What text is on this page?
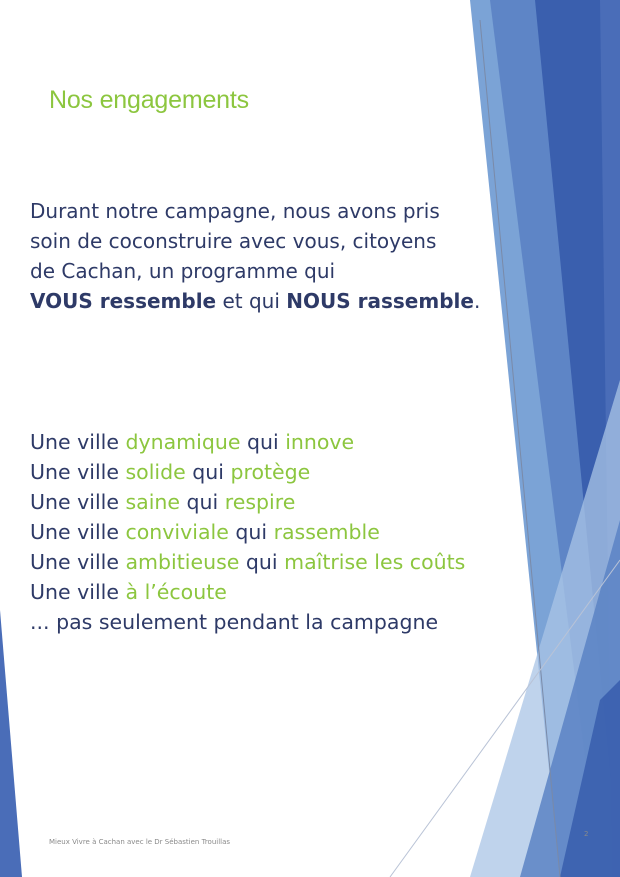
Nos engagements
Durant notre campagne, nous avons pris
soin de coconstruire avec vous, citoyens
de Cachan, un programme qui
VOUS ressemble et qui NOUS rassemble.
Une ville dynamique qui innove
Une ville solide qui protège
Une ville saine qui respire
Une ville conviviale qui rassemble
Une ville ambitieuse qui maîtrise les coûts
Une ville à l’écoute
... pas seulement pendant la campagne
Mieux Vivre à Cachan avec le Dr Sébastien Trouillas
2
